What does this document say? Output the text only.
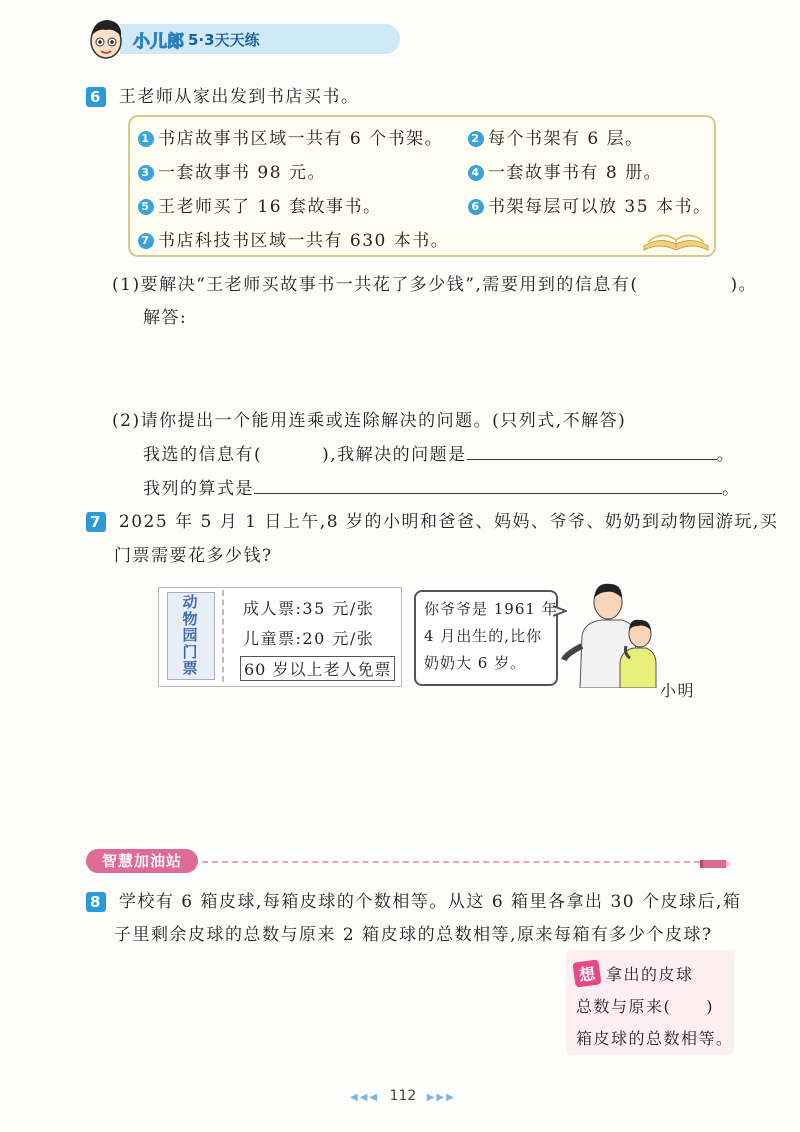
小儿郎 5·3天天练
6 王老师从家出发到书店买书。
1 书店故事书区域一共有 6 个书架。	2 每个书架有 6 层。
3 一套故事书 98 元。	4 一套故事书有 8 册。
5 王老师买了 16 套故事书。	6 书架每层可以放 35 本书。
7 书店科技书区域一共有 630 本书。
(1)要解决“王老师买故事书一共花了多少钱”,需要用到的信息有(	)。
解答:
(2)请你提出一个能用连乘或连除解决的问题。(只列式,不解答)
我选的信息有(	),我解决的问题是	。
我列的算式是	。
7 2025 年 5 月 1 日上午,8 岁的小明和爸爸、妈妈、爷爷、奶奶到动物园游玩,买
门票需要花多少钱?
动
物
园
门
票
成人票:35 元/张
儿童票:20 元/张
60 岁以上老人免票
你爷爷是 1961 年
4 月出生的,比你
奶奶大 6 岁。
小明
智慧加油站
8 学校有 6 箱皮球,每箱皮球的个数相等。从这 6 箱里各拿出 30 个皮球后,箱
子里剩余皮球的总数与原来 2 箱皮球的总数相等,原来每箱有多少个皮球?
想 拿出的皮球
总数与原来(　　)
箱皮球的总数相等。
◀◀◀ 112 ▶▶▶
